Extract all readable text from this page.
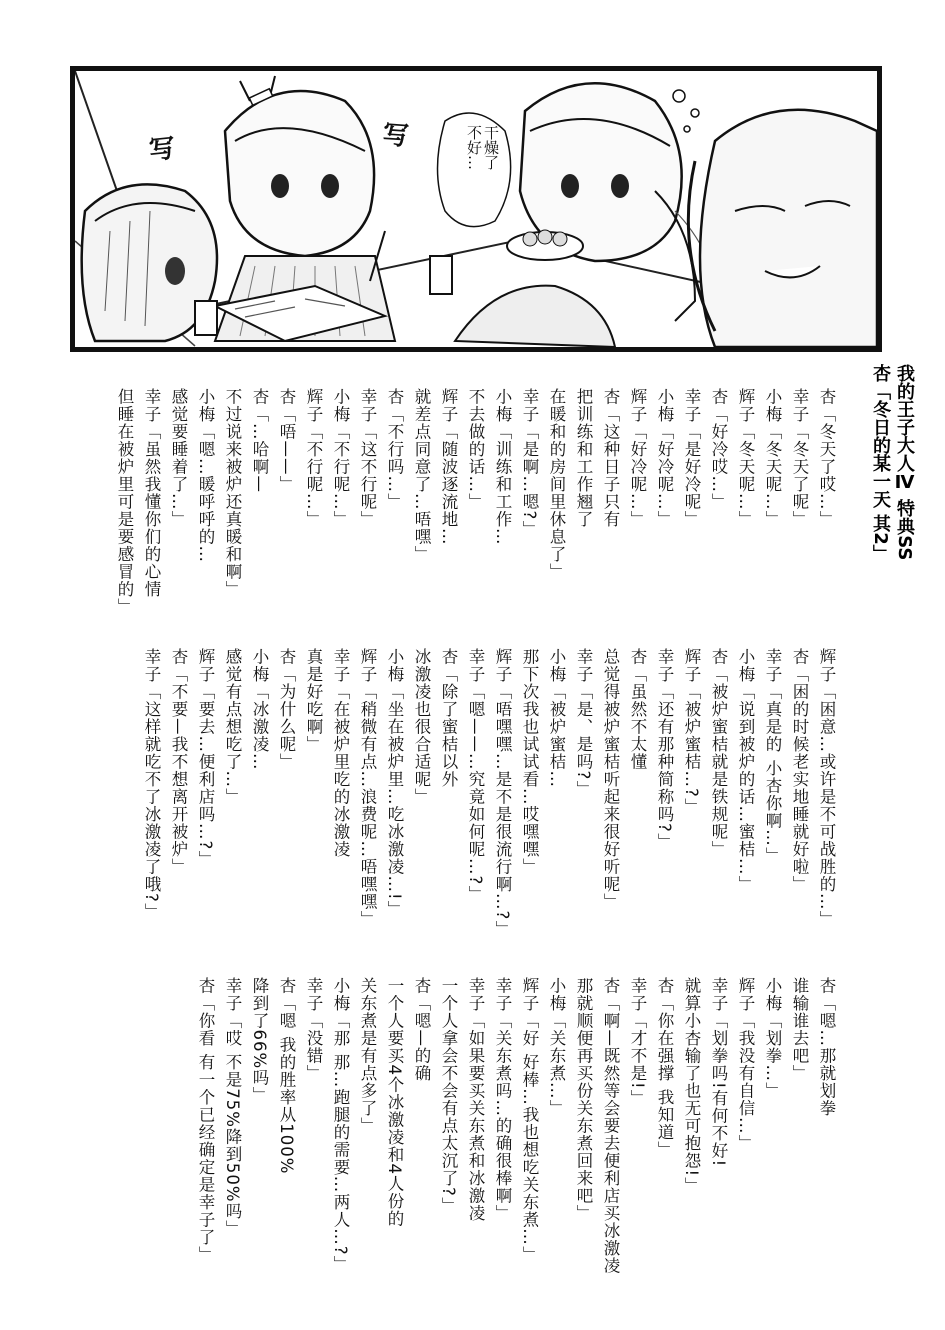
写	写	干燥了
不好…
我的王子大人Ⅳ 特典SS
杏「冬日的某一天 其2」
杏「冬天了哎…」
幸子「冬天了呢」
小梅「冬天呢…」
辉子「冬天呢…」
杏「好冷哎…」
幸子「是好冷呢」
小梅「好冷呢…」
辉子「好冷呢…」
杏「这种日子只有
把训练和工作翘了
在暖和的房间里休息了」
幸子「是啊…嗯?」
小梅「训练和工作…
不去做的话…」
辉子「随波逐流地…
就差点同意了…唔嘿」
杏「不行吗…」
幸子「这不行呢」
小梅「不行呢…」
辉子「不行呢…」
杏「唔——」
杏「…哈啊—
不过说来被炉还真暖和啊」
小梅「嗯…暖呼呼的…
感觉要睡着了…」
幸子「虽然我懂你们的心情
但睡在被炉里可是要感冒的」
辉子「困意…或许是不可战胜的…」
杏「困的时候老实地睡就好啦」
幸子「真是的 小杏你啊…」
小梅「说到被炉的话…蜜桔…」
杏「被炉蜜桔就是铁规呢」
辉子「被炉蜜桔…?」
幸子「还有那种简称吗?」
杏「虽然不太懂
总觉得被炉蜜桔听起来很好听呢」
幸子「是、是吗?」
小梅「被炉蜜桔…
那下次我也试试看…哎嘿嘿」
辉子「唔嘿嘿…是不是很流行啊…?」
幸子「嗯——…究竟如何呢…?」
杏「除了蜜桔以外
冰激凌也很合适呢」
小梅「坐在被炉里…吃冰激凌…!」
辉子「稍微有点…浪费呢…唔嘿嘿」
幸子「在被炉里吃的冰激凌
真是好吃啊」
杏「为什么呢」
小梅「冰激凌…
感觉有点想吃了…」
辉子「要去…便利店吗…?」
杏「不要—我不想离开被炉」
幸子「这样就吃不了冰激凌了哦?」
杏「嗯…那就划拳
谁输谁去吧」
小梅「划拳…」
辉子「我没有自信…」
幸子「划拳吗!有何不好!
就算小杏输了也无可抱怨!」
杏「你在强撑 我知道」
幸子「才不是!」
杏「啊—既然等会要去便利店买冰激凌
那就顺便再买份关东煮回来吧」
小梅「关东煮…」
辉子「好 好棒…我也想吃关东煮…」
幸子「关东煮吗…的确很棒啊」
幸子「如果要买关东煮和冰激凌
一个人拿会不会有点太沉了?」
杏「嗯—的确
一个人要买4个冰激凌和4人份的
关东煮是有点多了」
小梅「那 那…跑腿的需要…两人…?」
幸子「没错」
杏「嗯 我的胜率从100%
降到了66%吗」
幸子「哎 不是75%降到50%吗」
杏「你看 有一个已经确定是幸子了」
